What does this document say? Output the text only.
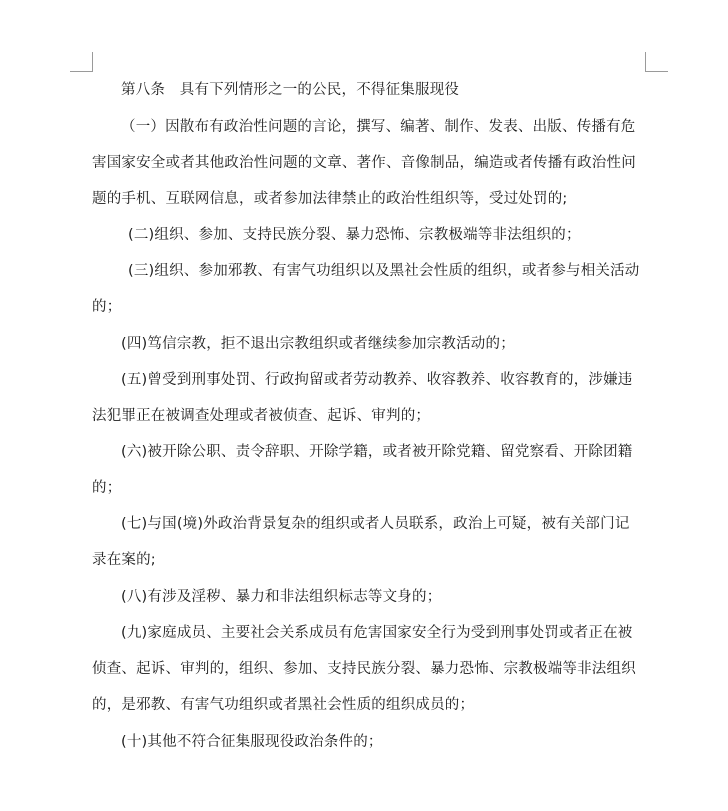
第八条　具有下列情形之一的公民，不得征集服现役
（一）因散布有政治性问题的言论，撰写、编著、制作、发表、出版、传播有危
害国家安全或者其他政治性问题的文章、著作、音像制品，编造或者传播有政治性问
题的手机、互联网信息，或者参加法律禁止的政治性组织等，受过处罚的;
(二)组织、参加、支持民族分裂、暴力恐怖、宗教极端等非法组织的；
(三)组织、参加邪教、有害气功组织以及黑社会性质的组织，或者参与相关活动
的；
(四)笃信宗教，拒不退出宗教组织或者继续参加宗教活动的；
(五)曾受到刑事处罚、行政拘留或者劳动教养、收容教养、收容教育的，涉嫌违
法犯罪正在被调查处理或者被侦查、起诉、审判的；
(六)被开除公职、责令辞职、开除学籍，或者被开除党籍、留党察看、开除团籍
的；
(七)与国(境)外政治背景复杂的组织或者人员联系，政治上可疑，被有关部门记
录在案的;
(八)有涉及淫秽、暴力和非法组织标志等文身的；
(九)家庭成员、主要社会关系成员有危害国家安全行为受到刑事处罚或者正在被
侦查、起诉、审判的，组织、参加、支持民族分裂、暴力恐怖、宗教极端等非法组织
的，是邪教、有害气功组织或者黑社会性质的组织成员的；
(十)其他不符合征集服现役政治条件的；
